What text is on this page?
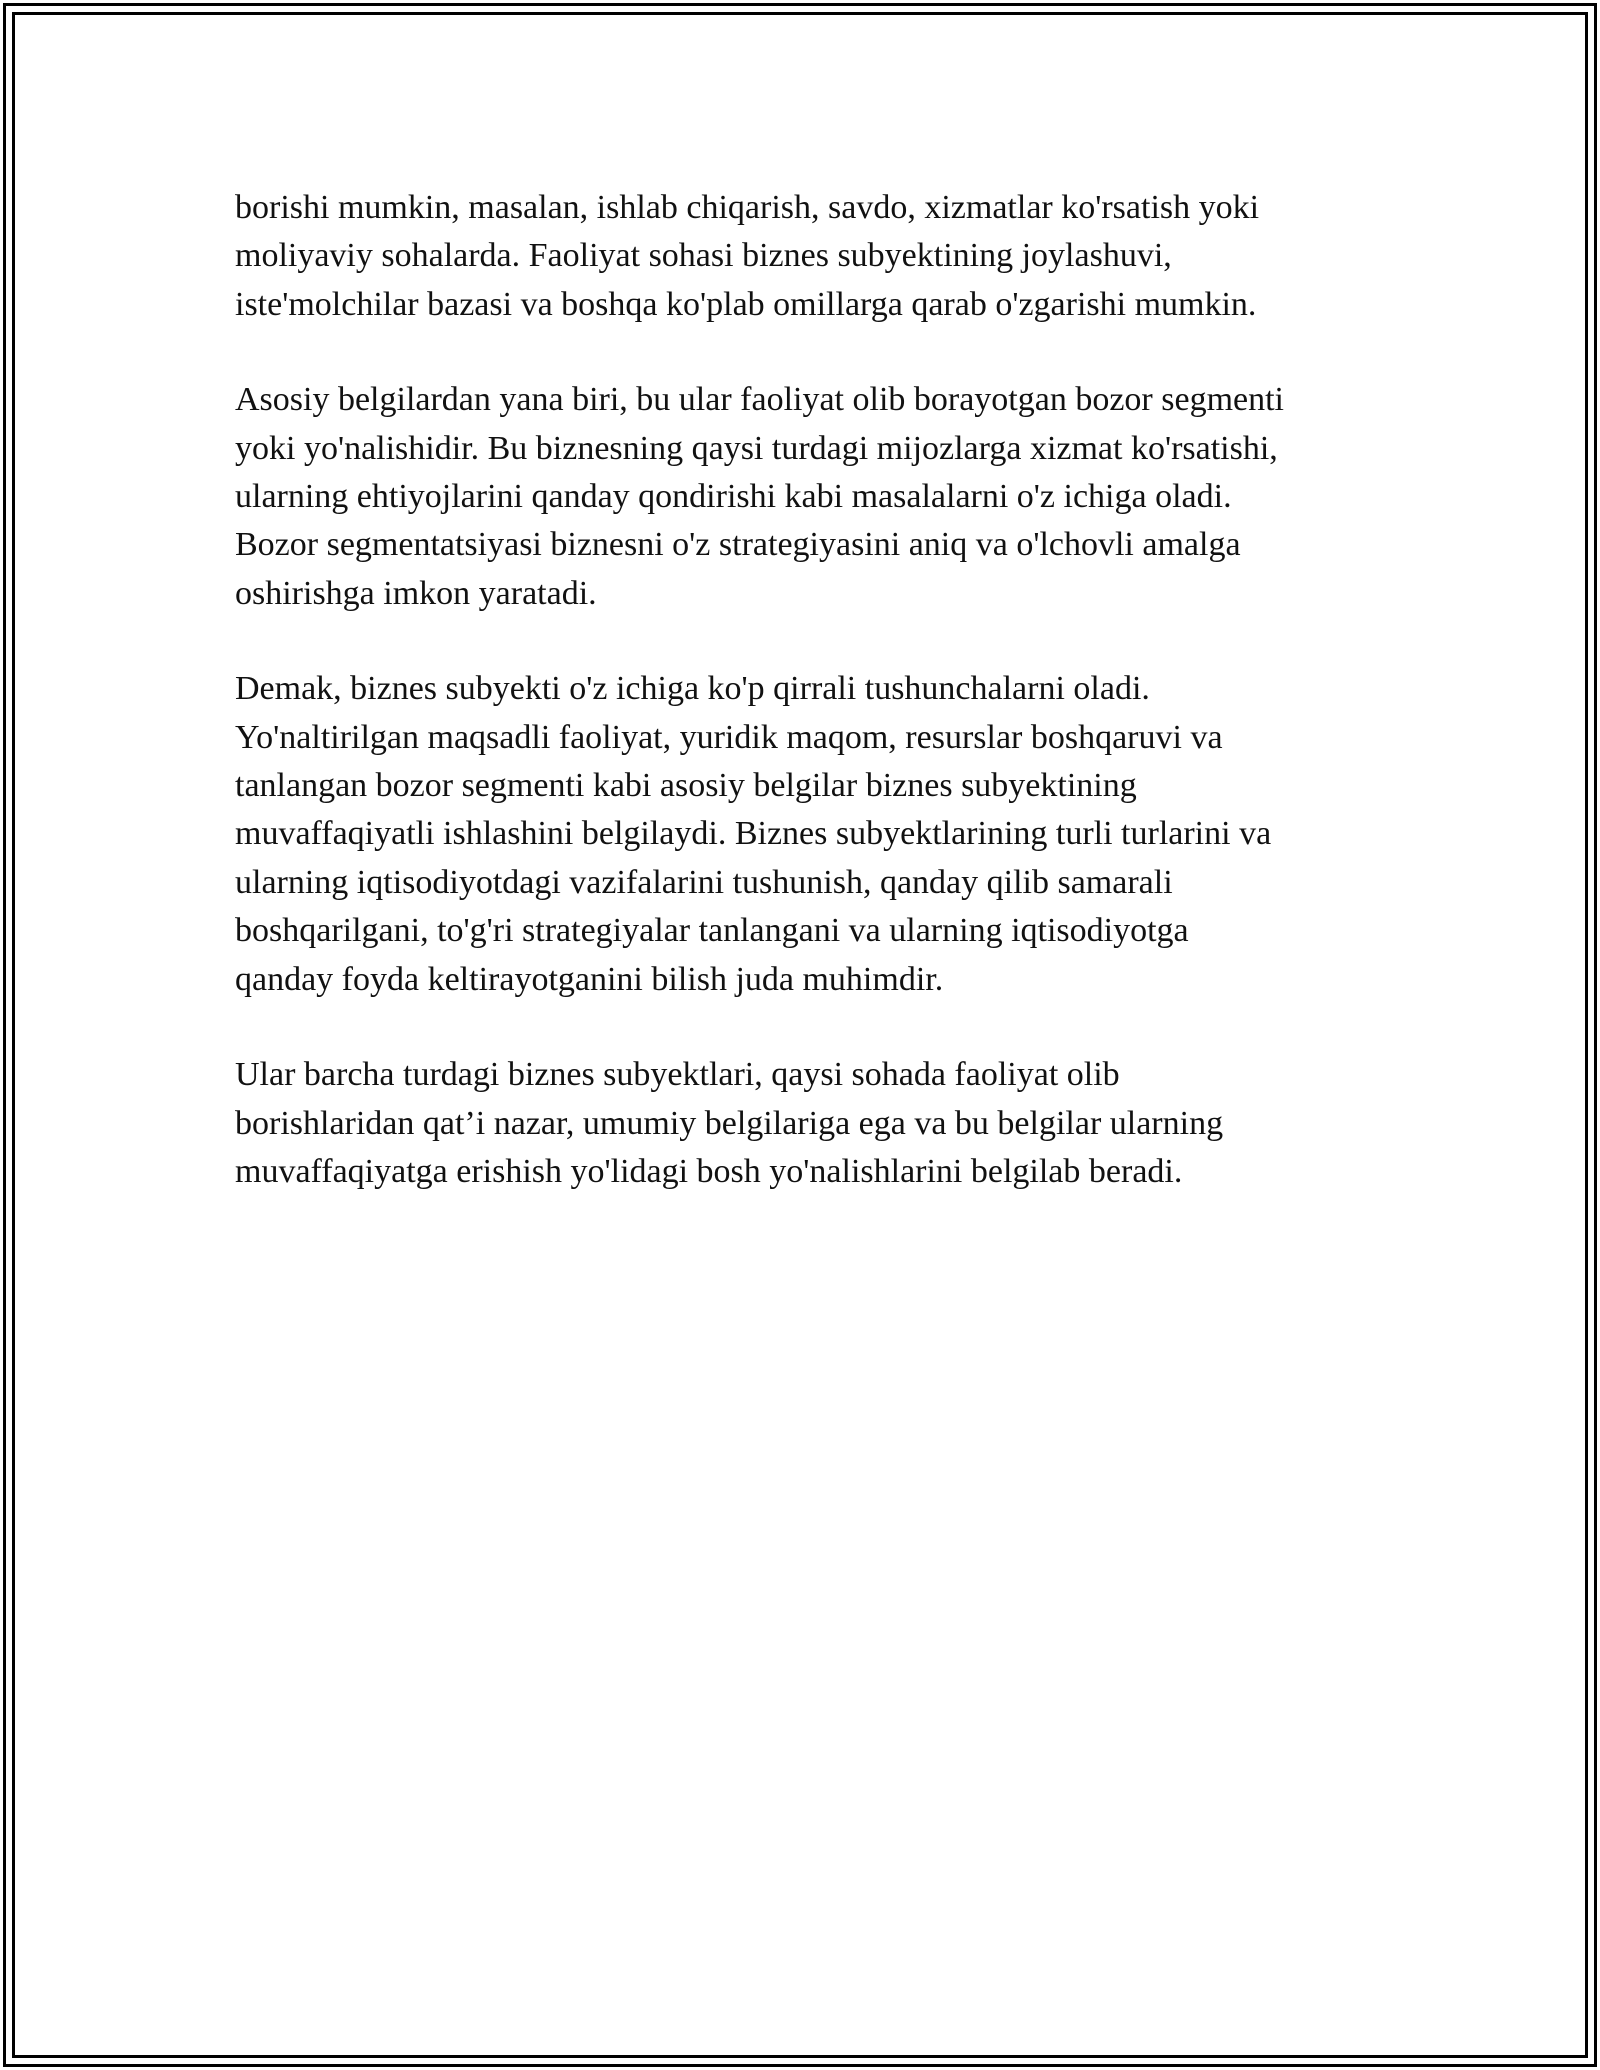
borishi mumkin, masalan, ishlab chiqarish, savdo, xizmatlar ko'rsatish yoki
moliyaviy sohalarda. Faoliyat sohasi biznes subyektining joylashuvi,
iste'molchilar bazasi va boshqa ko'plab omillarga qarab o'zgarishi mumkin.

Asosiy belgilardan yana biri, bu ular faoliyat olib borayotgan bozor segmenti
yoki yo'nalishidir. Bu biznesning qaysi turdagi mijozlarga xizmat ko'rsatishi,
ularning ehtiyojlarini qanday qondirishi kabi masalalarni o'z ichiga oladi.
Bozor segmentatsiyasi biznesni o'z strategiyasini aniq va o'lchovli amalga
oshirishga imkon yaratadi.

Demak, biznes subyekti o'z ichiga ko'p qirrali tushunchalarni oladi.
Yo'naltirilgan maqsadli faoliyat, yuridik maqom, resurslar boshqaruvi va
tanlangan bozor segmenti kabi asosiy belgilar biznes subyektining
muvaffaqiyatli ishlashini belgilaydi. Biznes subyektlarining turli turlarini va
ularning iqtisodiyotdagi vazifalarini tushunish, qanday qilib samarali
boshqarilgani, to'g'ri strategiyalar tanlangani va ularning iqtisodiyotga
qanday foyda keltirayotganini bilish juda muhimdir.

Ular barcha turdagi biznes subyektlari, qaysi sohada faoliyat olib
borishlaridan qat’i nazar, umumiy belgilariga ega va bu belgilar ularning
muvaffaqiyatga erishish yo'lidagi bosh yo'nalishlarini belgilab beradi.
